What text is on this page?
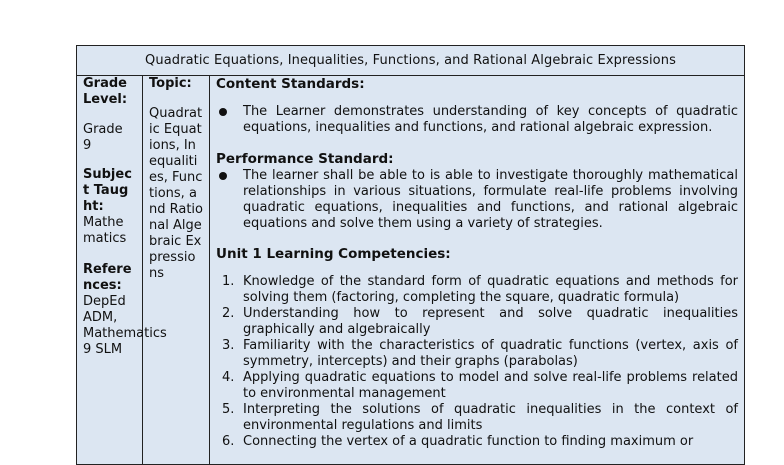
Quadratic Equations, Inequalities, Functions, and Rational Algebraic Expressions
Grade Level:
Grade 9
Subject Taught:
Mathematics
References:
DepEd ADM, Mathematics 9 SLM
Topic:
Quadratic Equations, Inequalities, Functions, and Rational Algebraic Expressions
Content Standards:
The Learner demonstrates understanding of key concepts of quadratic equations, inequalities and functions, and rational algebraic expression.
Performance Standard:
The learner shall be able to is able to investigate thoroughly mathematical relationships in various situations, formulate real-life problems involving quadratic equations, inequalities and functions, and rational algebraic equations and solve them using a variety of strategies.
Unit 1 Learning Competencies:
1. Knowledge of the standard form of quadratic equations and methods for solving them (factoring, completing the square, quadratic formula)
2. Understanding how to represent and solve quadratic inequalities graphically and algebraically
3. Familiarity with the characteristics of quadratic functions (vertex, axis of symmetry, intercepts) and their graphs (parabolas)
4. Applying quadratic equations to model and solve real-life problems related to environmental management
5. Interpreting the solutions of quadratic inequalities in the context of environmental regulations and limits
6. Connecting the vertex of a quadratic function to finding maximum or
